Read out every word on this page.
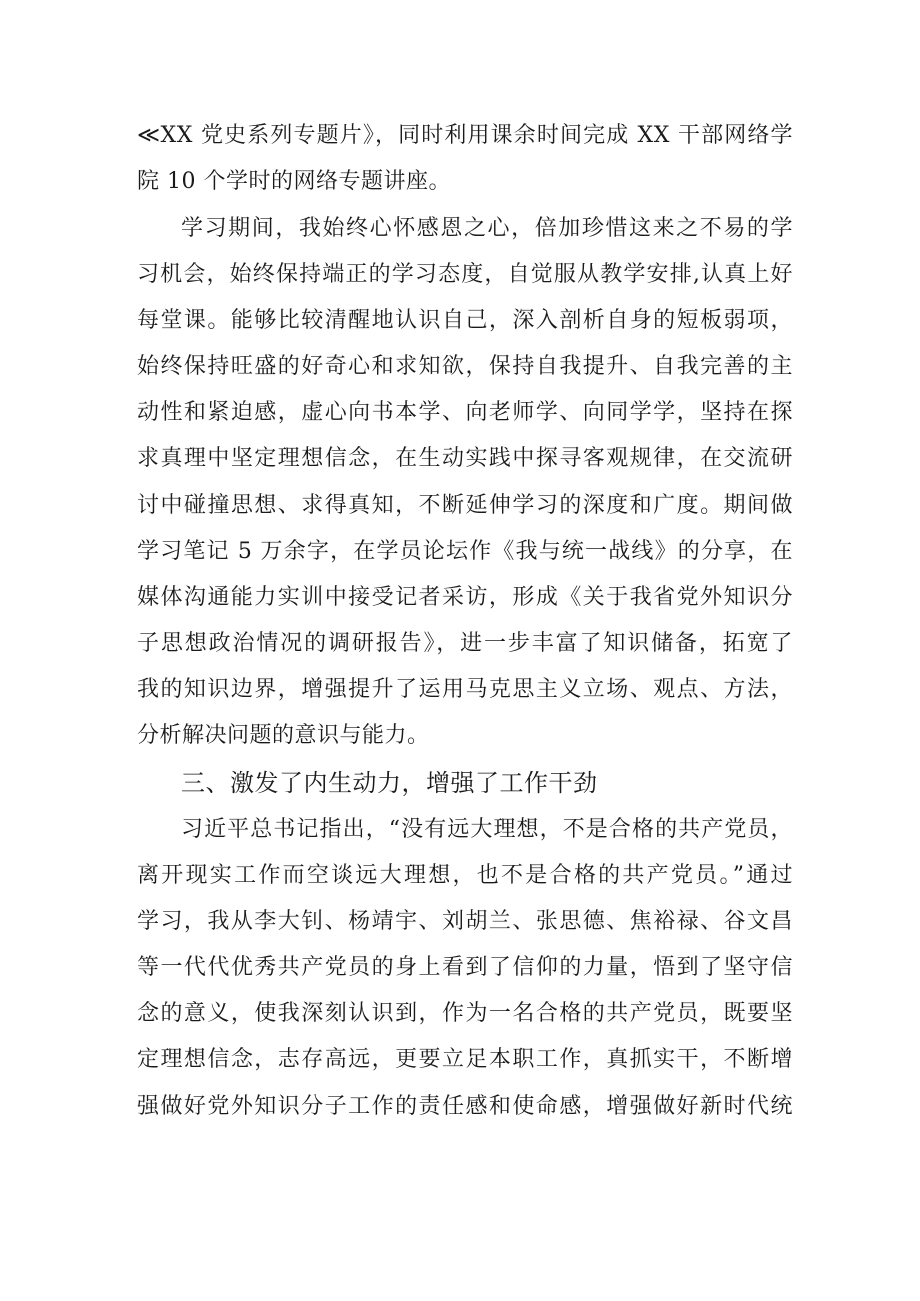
≪XX 党史系列专题片》，同时利用课余时间完成 XX 干部网络学
院 10 个学时的网络专题讲座。
学习期间，我始终心怀感恩之心，倍加珍惜这来之不易的学
习机会，始终保持端正的学习态度，自觉服从教学安排,认真上好
每堂课。能够比较清醒地认识自己，深入剖析自身的短板弱项，
始终保持旺盛的好奇心和求知欲，保持自我提升、自我完善的主
动性和紧迫感，虚心向书本学、向老师学、向同学学，坚持在探
求真理中坚定理想信念，在生动实践中探寻客观规律，在交流研
讨中碰撞思想、求得真知，不断延伸学习的深度和广度。期间做
学习笔记 5 万余字，在学员论坛作《我与统一战线》的分享，在
媒体沟通能力实训中接受记者采访，形成《关于我省党外知识分
子思想政治情况的调研报告》，进一步丰富了知识储备，拓宽了
我的知识边界，增强提升了运用马克思主义立场、观点、方法，
分析解决问题的意识与能力。
三、激发了内生动力，增强了工作干劲
习近平总书记指出，“没有远大理想，不是合格的共产党员，
离开现实工作而空谈远大理想，也不是合格的共产党员。”通过
学习，我从李大钊、杨靖宇、刘胡兰、张思德、焦裕禄、谷文昌
等一代代优秀共产党员的身上看到了信仰的力量，悟到了坚守信
念的意义，使我深刻认识到，作为一名合格的共产党员，既要坚
定理想信念，志存高远，更要立足本职工作，真抓实干，不断增
强做好党外知识分子工作的责任感和使命感，增强做好新时代统
